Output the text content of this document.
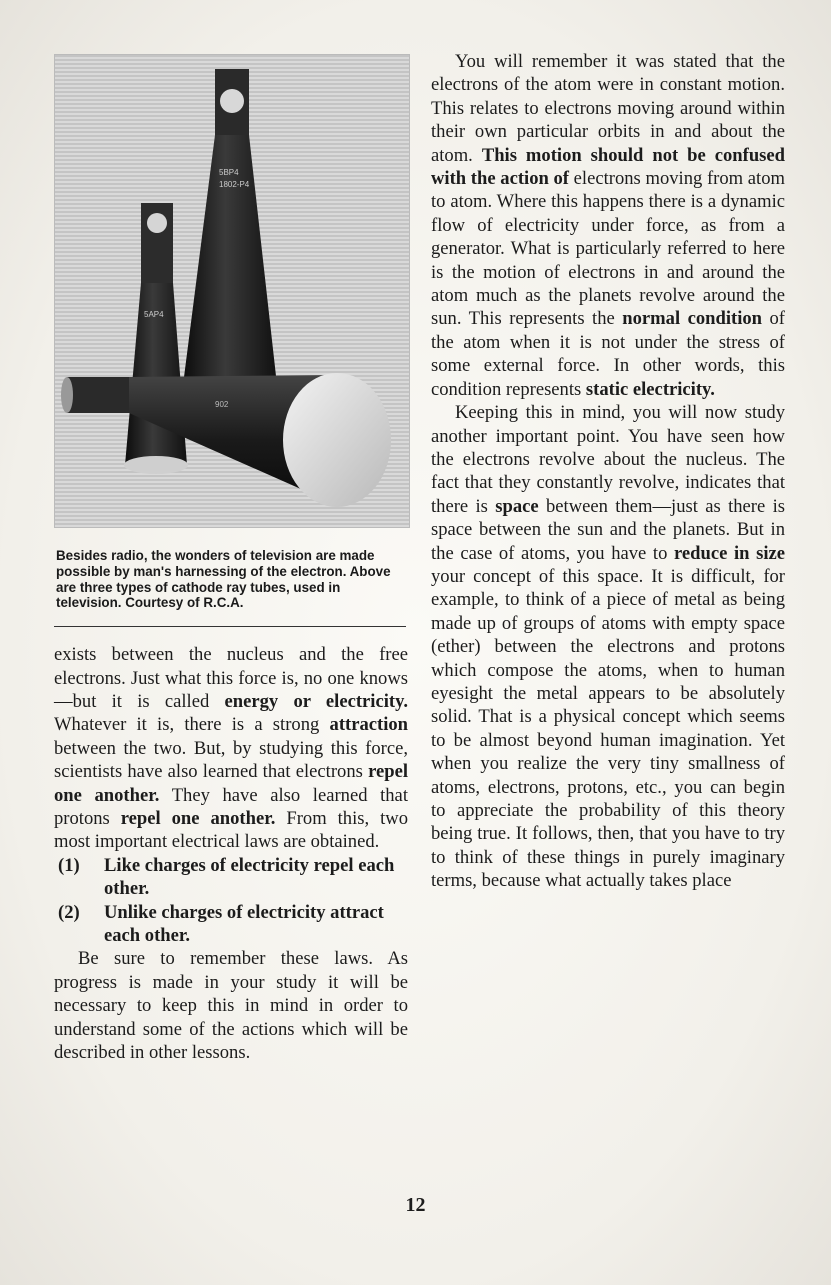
5BP4
1802-P4
5AP4
902
Besides radio, the wonders of television are made possible by man's harnessing of the electron. Above are three types of cathode ray tubes, used in television. Courtesy of R.C.A.

exists between the nucleus and the free electrons. Just what this force is, no one knows—but it is called energy or electricity. Whatever it is, there is a strong attraction between the two. But, by studying this force, scientists have also learned that electrons repel one another. They have also learned that protons repel one another. From this, two most important electrical laws are obtained.

(1) Like charges of electricity repel each other.

(2) Unlike charges of electricity attract each other.

Be sure to remember these laws. As progress is made in your study it will be necessary to keep this in mind in order to understand some of the actions which will be described in other lessons.

You will remember it was stated that the electrons of the atom were in constant motion. This relates to electrons moving around within their own particular orbits in and about the atom. This motion should not be confused with the action of electrons moving from atom to atom. Where this happens there is a dynamic flow of electricity under force, as from a generator. What is particularly referred to here is the motion of electrons in and around the atom much as the planets revolve around the sun. This represents the normal condition of the atom when it is not under the stress of some external force. In other words, this condition represents static electricity.

Keeping this in mind, you will now study another important point. You have seen how the electrons revolve about the nucleus. The fact that they constantly revolve, indicates that there is space between them—just as there is space between the sun and the planets. But in the case of atoms, you have to reduce in size your concept of this space. It is difficult, for example, to think of a piece of metal as being made up of groups of atoms with empty space (ether) between the electrons and protons which compose the atoms, when to human eyesight the metal appears to be absolutely solid. That is a physical concept which seems to be almost beyond human imagination. Yet when you realize the very tiny smallness of atoms, electrons, protons, etc., you can begin to appreciate the probability of this theory being true. It follows, then, that you have to try to think of these things in purely imaginary terms, because what actually takes place

12
